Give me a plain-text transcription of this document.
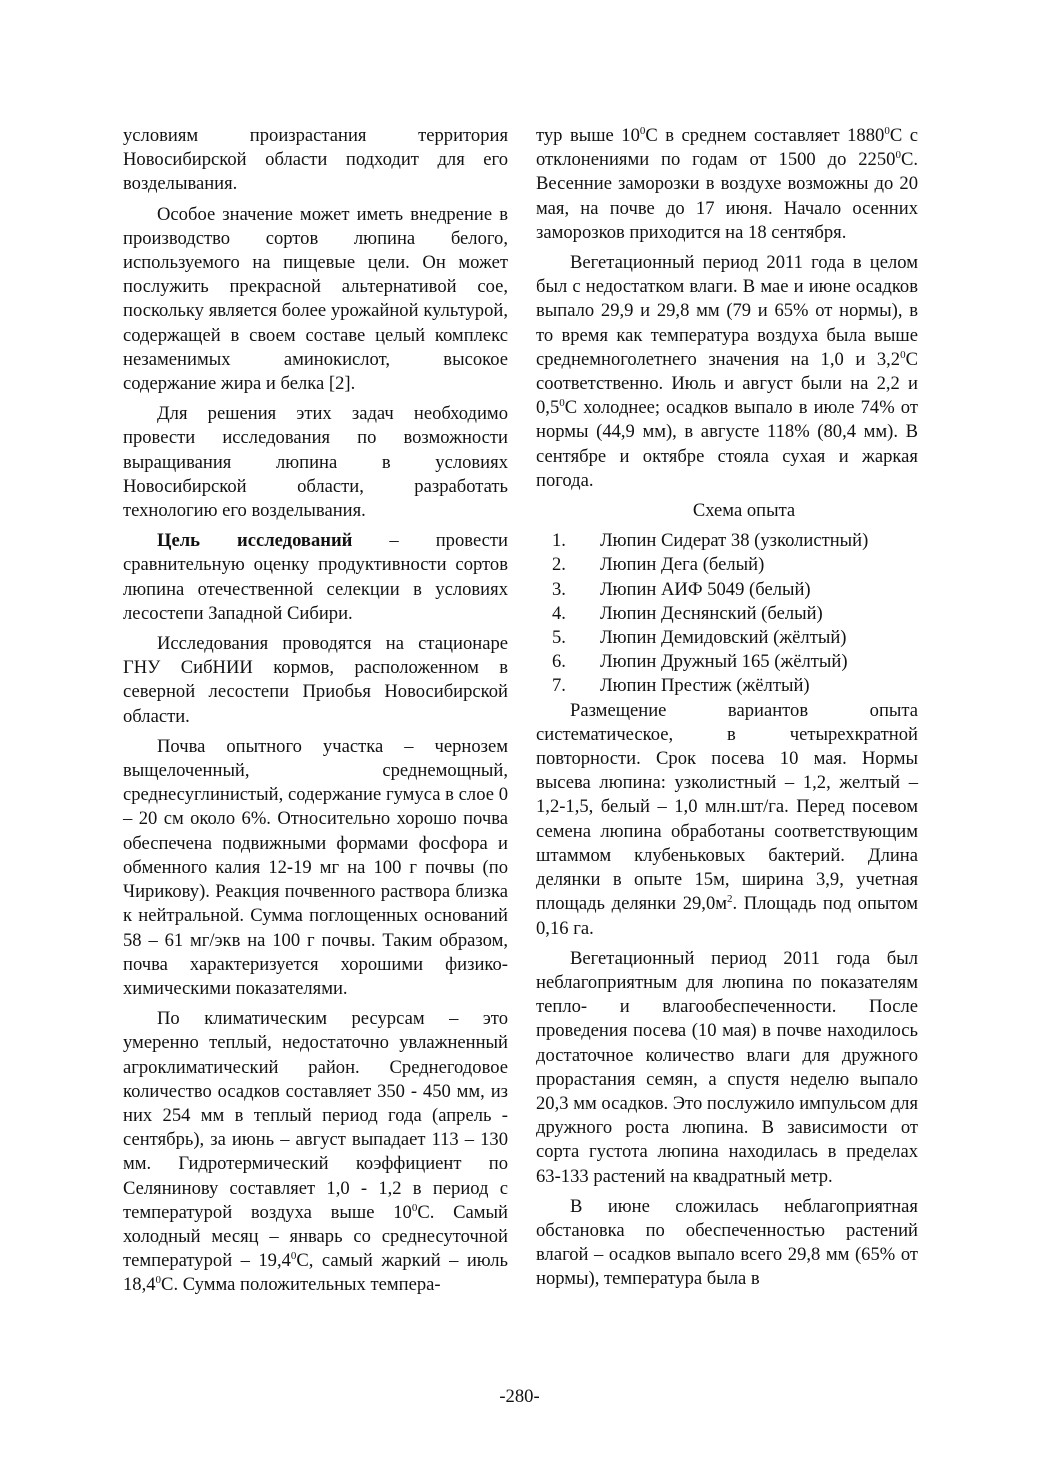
условиям произрастания территория Новосибирской области подходит для его возделывания.

Особое значение может иметь внедрение в производство сортов люпина белого, используемого на пищевые цели. Он может послужить прекрасной альтернативой сое, поскольку является более урожайной культурой, содержащей в своем составе целый комплекс незаменимых аминокислот, высокое содержание жира и белка [2].

Для решения этих задач необходимо провести исследования по возможности выращивания люпина в условиях Новосибирской области, разработать технологию его возделывания.

Цель исследований – провести сравнительную оценку продуктивности сортов люпина отечественной селекции в условиях лесостепи Западной Сибири.

Исследования проводятся на стационаре ГНУ СибНИИ кормов, расположенном в северной лесостепи Приобья Новосибирской области.

Почва опытного участка – чернозем выщелоченный, среднемощный, среднесуглинистый, содержание гумуса в слое 0 – 20 см около 6%. Относительно хорошо почва обеспечена подвижными формами фосфора и обменного калия 12-19 мг на 100 г почвы (по Чирикову). Реакция почвенного раствора близка к нейтральной. Сумма поглощенных оснований 58 – 61 мг/экв на 100 г почвы. Таким образом, почва характеризуется хорошими физико-химическими показателями.

По климатическим ресурсам – это умеренно теплый, недостаточно увлажненный агроклиматический район. Среднегодовое количество осадков составляет 350 - 450 мм, из них 254 мм в теплый период года (апрель - сентябрь), за июнь – август выпадает 113 – 130 мм. Гидротермический коэффициент по Селянинову составляет 1,0 - 1,2 в период с температурой воздуха выше $10^0С$. Самый холодный месяц – январь со среднесуточной температурой – 19,4$^0$С, самый жаркий – июль 18,4$^0$С. Сумма положительных темпера-

тур выше $10^0С$ в среднем составляет 1880$^0$С с отклонениями по годам от 1500 до 2250$^0$С. Весенние заморозки в воздухе возможны до 20 мая, на почве до 17 июня. Начало осенних заморозков приходится на 18 сентября.

Вегетационный период 2011 года в целом был с недостатком влаги. В мае и июне осадков выпало 29,9 и 29,8 мм (79 и 65% от нормы), в то время как температура воздуха была выше среднемноголетнего значения на 1,0 и $3,2^0С$ соответственно. Июль и август были на 2,2 и $0,5^0С$ холоднее; осадков выпало в июле 74% от нормы (44,9 мм), в августе 118% (80,4 мм). В сентябре и октябре стояла сухая и жаркая погода.

Схема опыта

1.	Люпин Сидерат 38 (узколистный)
2.	Люпин Дега (белый)
3.	Люпин АИФ 5049 (белый)
4.	Люпин Деснянский (белый)
5.	Люпин Демидовский (жёлтый)
6.	Люпин Дружный 165 (жёлтый)
7.	Люпин Престиж (жёлтый)

Размещение вариантов опыта систематическое, в четырехкратной повторности. Срок посева 10 мая. Нормы высева люпина: узколистный – 1,2, желтый – 1,2-1,5, белый – 1,0 млн.шт/га. Перед посевом семена люпина обработаны соответствующим штаммом клубеньковых бактерий. Длина делянки в опыте 15м, ширина 3,9, учетная площадь делянки $29,0м^2$. Площадь под опытом 0,16 га.

Вегетационный период 2011 года был неблагоприятным для люпина по показателям тепло- и влагообеспеченности. После проведения посева (10 мая) в почве находилось достаточное количество влаги для дружного прорастания семян, а спустя неделю выпало 20,3 мм осадков. Это послужило импульсом для дружного роста люпина. В зависимости от сорта густота люпина находилась в пределах 63-133 растений на квадратный метр.

В июне сложилась неблагоприятная обстановка по обеспеченностью растений влагой – осадков выпало всего 29,8 мм (65% от нормы), температура была в

-280-
